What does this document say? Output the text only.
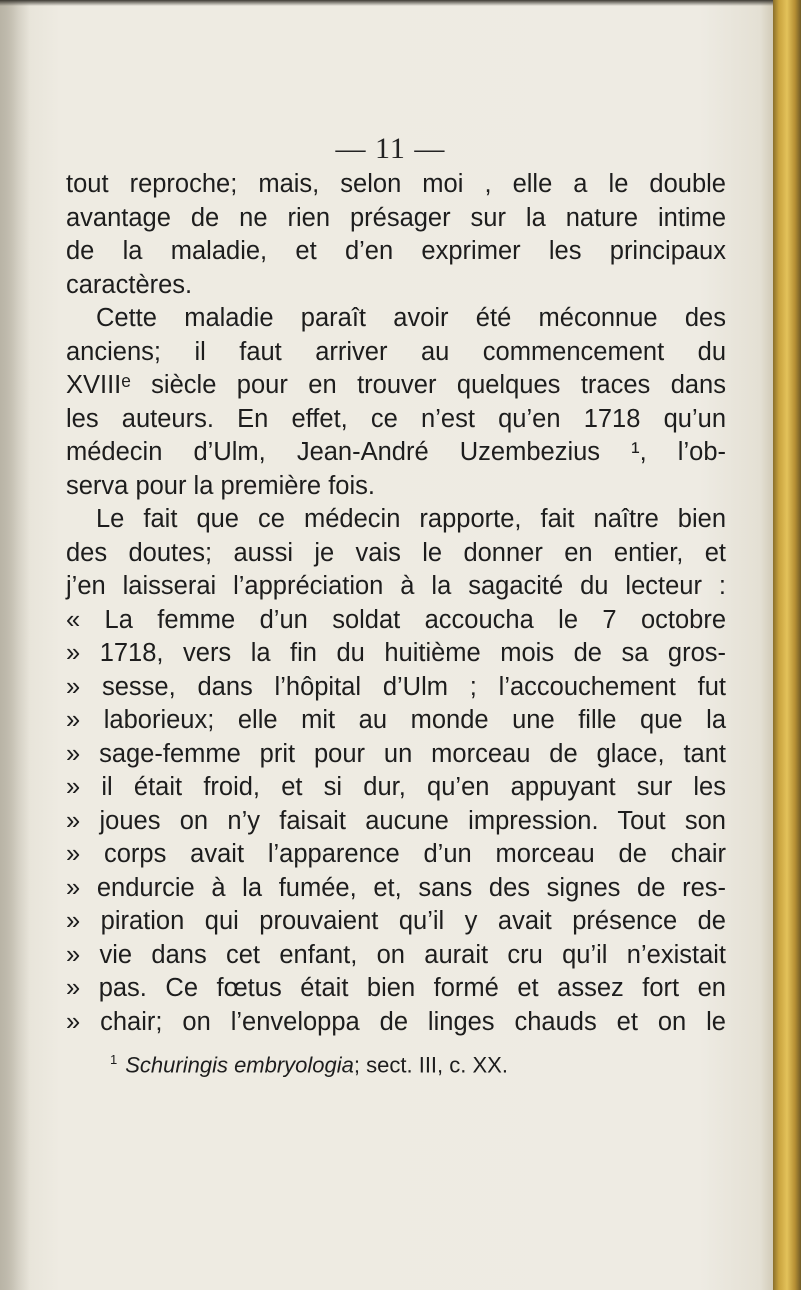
— 11 —
tout reproche; mais, selon moi , elle a le double
avantage de ne rien présager sur la nature intime
de la maladie, et d’en exprimer les principaux
caractères.
Cette maladie paraît avoir été méconnue des
anciens; il faut arriver au commencement du
XVIIIᵉ siècle pour en trouver quelques traces dans
les auteurs. En effet, ce n’est qu’en 1718 qu’un
médecin d’Ulm, Jean-André Uzembezius ¹, l’ob-
serva pour la première fois.
Le fait que ce médecin rapporte, fait naître bien
des doutes; aussi je vais le donner en entier, et
j’en laisserai l’appréciation à la sagacité du lecteur :
« La femme d’un soldat accoucha le 7 octobre
» 1718, vers la fin du huitième mois de sa gros-
» sesse, dans l’hôpital d’Ulm ; l’accouchement fut
» laborieux; elle mit au monde une fille que la
» sage-femme prit pour un morceau de glace, tant
» il était froid, et si dur, qu’en appuyant sur les
» joues on n’y faisait aucune impression. Tout son
» corps avait l’apparence d’un morceau de chair
» endurcie à la fumée, et, sans des signes de res-
» piration qui prouvaient qu’il y avait présence de
» vie dans cet enfant, on aurait cru qu’il n’existait
» pas. Ce fœtus était bien formé et assez fort en
» chair; on l’enveloppa de linges chauds et on le
$^1$ Schuringis embryologia; sect. III, c. XX.
